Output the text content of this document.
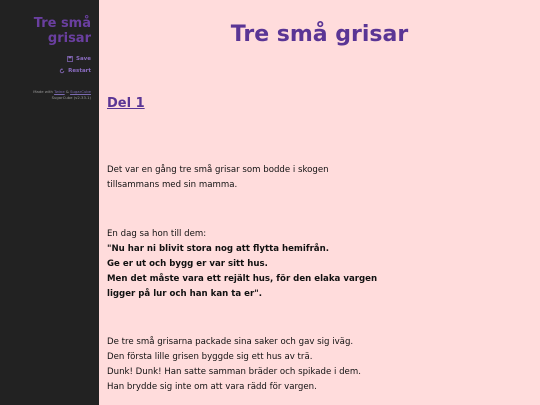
Tre små grisar
Save
Restart
Made with Twine & SugarCube
SugarCube (v2.33.1)
Tre små grisar
Del 1
Det var en gång tre små grisar som bodde i skogen
tillsammans med sin mamma.
En dag sa hon till dem:
"Nu har ni blivit stora nog att flytta hemifrån.
Ge er ut och bygg er var sitt hus.
Men det måste vara ett rejält hus, för den elaka vargen
ligger på lur och han kan ta er".
De tre små grisarna packade sina saker och gav sig iväg.
Den första lille grisen byggde sig ett hus av trä.
Dunk! Dunk! Han satte samman bräder och spikade i dem.
Han brydde sig inte om att vara rädd för vargen.
